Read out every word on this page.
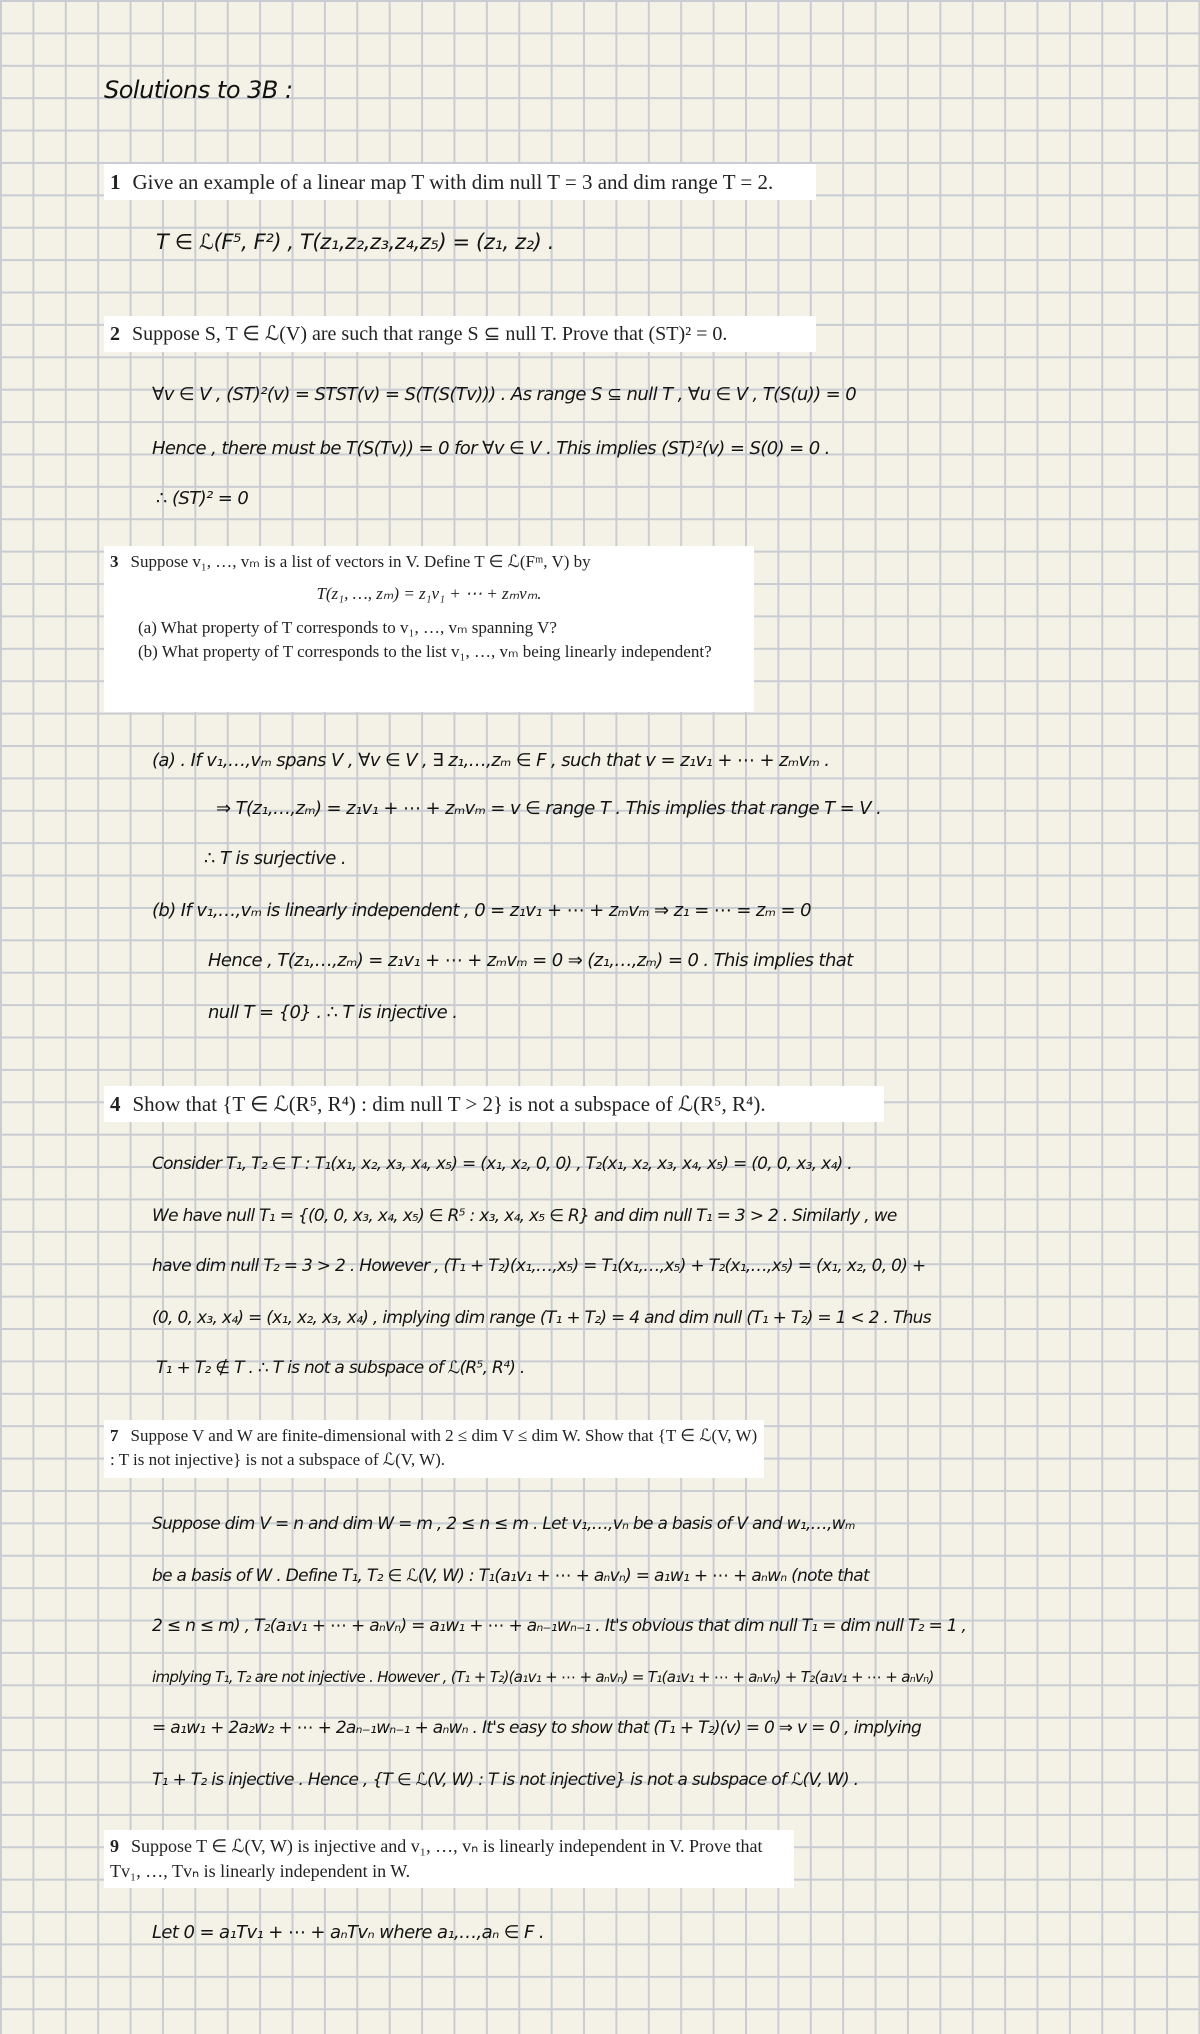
Solutions to 3B :
1 Give an example of a linear map T with dim null T = 3 and dim range T = 2.
T ∈ ℒ(F⁵, F²) , T(z₁,z₂,z₃,z₄,z₅) = (z₁, z₂) .
2 Suppose S, T ∈ ℒ(V) are such that range S ⊆ null T. Prove that (ST)² = 0.
∀v ∈ V , (ST)²(v) = STST(v) = S(T(S(Tv))) . As range S ⊆ null T , ∀u ∈ V , T(S(u)) = 0
Hence , there must be T(S(Tv)) = 0 for ∀v ∈ V . This implies (ST)²(v) = S(0) = 0 .
∴ (ST)² = 0
3 Suppose v₁, …, vₘ is a list of vectors in V. Define T ∈ ℒ(Fᵐ, V) by
T(z₁, …, zₘ) = z₁v₁ + ⋯ + zₘvₘ.
(a) What property of T corresponds to v₁, …, vₘ spanning V?
(b) What property of T corresponds to the list v₁, …, vₘ being linearly independent?
(a) . If v₁,…,vₘ spans V , ∀v ∈ V , ∃ z₁,…,zₘ ∈ F , such that v = z₁v₁ + ⋯ + zₘvₘ .
⇒ T(z₁,…,zₘ) = z₁v₁ + ⋯ + zₘvₘ = v ∈ range T . This implies that range T = V .
∴ T is surjective .
(b) If v₁,…,vₘ is linearly independent , 0 = z₁v₁ + ⋯ + zₘvₘ ⇒ z₁ = ⋯ = zₘ = 0
Hence , T(z₁,…,zₘ) = z₁v₁ + ⋯ + zₘvₘ = 0 ⇒ (z₁,…,zₘ) = 0 . This implies that
null T = {0} . ∴ T is injective .
4 Show that {T ∈ ℒ(R⁵, R⁴) : dim null T > 2} is not a subspace of ℒ(R⁵, R⁴).
Consider T₁, T₂ ∈ T : T₁(x₁, x₂, x₃, x₄, x₅) = (x₁, x₂, 0, 0) , T₂(x₁, x₂, x₃, x₄, x₅) = (0, 0, x₃, x₄) .
We have null T₁ = {(0, 0, x₃, x₄, x₅) ∈ R⁵ : x₃, x₄, x₅ ∈ R} and dim null T₁ = 3 > 2 . Similarly , we
have dim null T₂ = 3 > 2 . However , (T₁ + T₂)(x₁,…,x₅) = T₁(x₁,…,x₅) + T₂(x₁,…,x₅) = (x₁, x₂, 0, 0) +
(0, 0, x₃, x₄) = (x₁, x₂, x₃, x₄) , implying dim range (T₁ + T₂) = 4 and dim null (T₁ + T₂) = 1 < 2 . Thus
T₁ + T₂ ∉ T . ∴ T is not a subspace of ℒ(R⁵, R⁴) .
7 Suppose V and W are finite-dimensional with 2 ≤ dim V ≤ dim W. Show that {T ∈ ℒ(V, W) : T is not injective} is not a subspace of ℒ(V, W).
Suppose dim V = n and dim W = m , 2 ≤ n ≤ m . Let v₁,…,vₙ be a basis of V and w₁,…,wₘ
be a basis of W . Define T₁, T₂ ∈ ℒ(V, W) : T₁(a₁v₁ + ⋯ + aₙvₙ) = a₁w₁ + ⋯ + aₙwₙ (note that
2 ≤ n ≤ m) , T₂(a₁v₁ + ⋯ + aₙvₙ) = a₁w₁ + ⋯ + aₙ₋₁wₙ₋₁ . It's obvious that dim null T₁ = dim null T₂ = 1 ,
implying T₁, T₂ are not injective . However , (T₁ + T₂)(a₁v₁ + ⋯ + aₙvₙ) = T₁(a₁v₁ + ⋯ + aₙvₙ) + T₂(a₁v₁ + ⋯ + aₙvₙ)
= a₁w₁ + 2a₂w₂ + ⋯ + 2aₙ₋₁wₙ₋₁ + aₙwₙ . It's easy to show that (T₁ + T₂)(v) = 0 ⇒ v = 0 , implying
T₁ + T₂ is injective . Hence , {T ∈ ℒ(V, W) : T is not injective} is not a subspace of ℒ(V, W) .
9 Suppose T ∈ ℒ(V, W) is injective and v₁, …, vₙ is linearly independent in V. Prove that Tv₁, …, Tvₙ is linearly independent in W.
Let 0 = a₁Tv₁ + ⋯ + aₙTvₙ where a₁,…,aₙ ∈ F .
